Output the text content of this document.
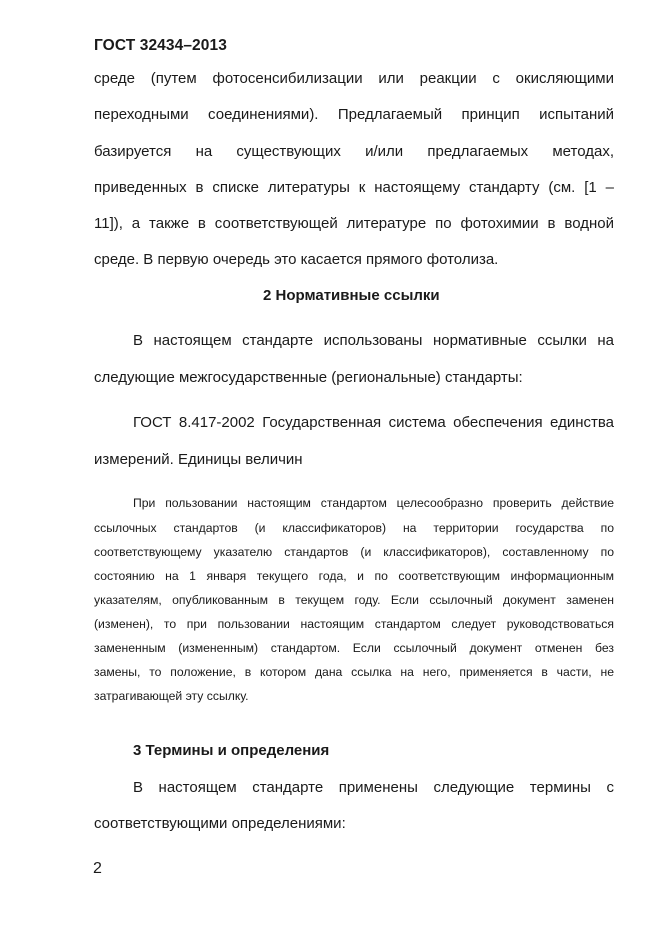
ГОСТ 32434–2013
среде (путем фотосенсибилизации или реакции с окисляющими
переходными соединениями). Предлагаемый принцип испытаний
базируется на существующих и/или предлагаемых методах,
приведенных в списке литературы к настоящему стандарту (см. [1 –
11]), а также в соответствующей литературе по фотохимии в водной
среде. В первую очередь это касается прямого фотолиза.
2 Нормативные ссылки
В настоящем стандарте использованы нормативные ссылки на
следующие межгосударственные (региональные) стандарты:
ГОСТ 8.417-2002 Государственная система обеспечения единства
измерений. Единицы величин
При пользовании настоящим стандартом целесообразно проверить действие
ссылочных стандартов (и классификаторов) на территории государства по
соответствующему указателю стандартов (и классификаторов), составленному по
состоянию на 1 января текущего года, и по соответствующим информационным
указателям, опубликованным в текущем году. Если ссылочный документ заменен
(изменен), то при пользовании настоящим стандартом следует руководствоваться
замененным (измененным) стандартом. Если ссылочный документ отменен без
замены, то положение, в котором дана ссылка на него, применяется в части, не
затрагивающей эту ссылку.
3 Термины и определения
В настоящем стандарте применены следующие термины с
соответствующими определениями:
2
